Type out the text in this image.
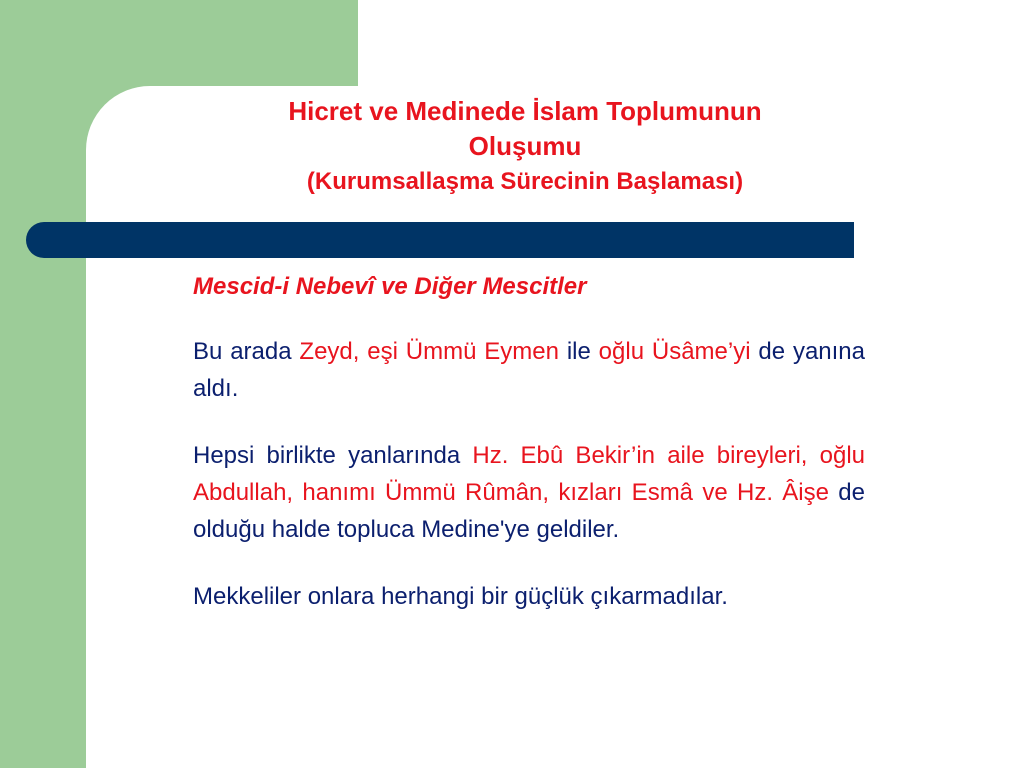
Hicret ve Medinede İslam Toplumunun
Oluşumu
(Kurumsallaşma Sürecinin Başlaması)

Mescid-i Nebevî ve Diğer Mescitler

Bu arada Zeyd, eşi Ümmü Eymen ile oğlu Üsâme’yi de yanına aldı.

Hepsi birlikte yanlarında Hz. Ebû Bekir’in aile bireyleri, oğlu Abdullah, hanımı Ümmü Rûmân, kızları Esmâ ve Hz. Âişe de olduğu halde topluca Medine'ye geldiler.

Mekkeliler onlara herhangi bir güçlük çıkarmadılar.
